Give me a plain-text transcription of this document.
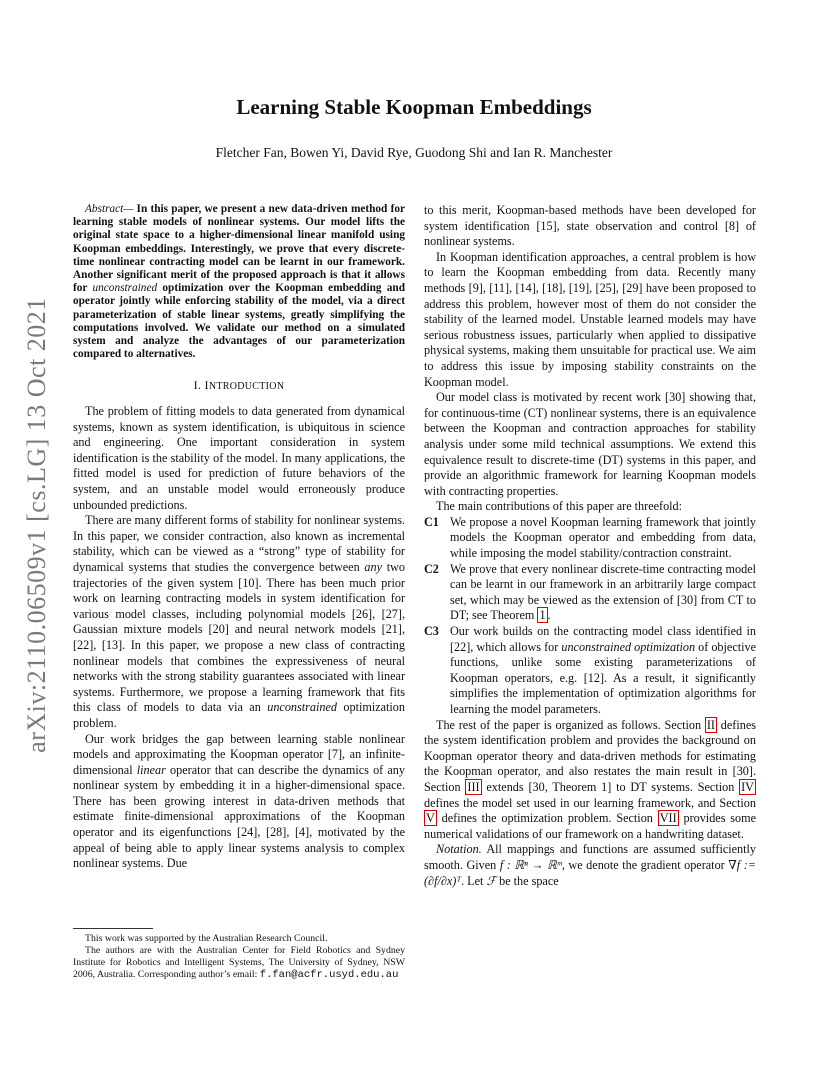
arXiv:2110.06509v1 [cs.LG] 13 Oct 2021
Learning Stable Koopman Embeddings
Fletcher Fan, Bowen Yi, David Rye, Guodong Shi and Ian R. Manchester

Abstract— In this paper, we present a new data-driven method for learning stable models of nonlinear systems. Our model lifts the original state space to a higher-dimensional linear manifold using Koopman embeddings. Interestingly, we prove that every discrete-time nonlinear contracting model can be learnt in our framework. Another significant merit of the proposed approach is that it allows for unconstrained optimization over the Koopman embedding and operator jointly while enforcing stability of the model, via a direct parameterization of stable linear systems, greatly simplifying the computations involved. We validate our method on a simulated system and analyze the advantages of our parameterization compared to alternatives.

I. INTRODUCTION

The problem of fitting models to data generated from dynamical systems, known as system identification, is ubiquitous in science and engineering. One important consideration in system identification is the stability of the model. In many applications, the fitted model is used for prediction of future behaviors of the system, and an unstable model would erroneously produce unbounded predictions.

There are many different forms of stability for nonlinear systems. In this paper, we consider contraction, also known as incremental stability, which can be viewed as a “strong” type of stability for dynamical systems that studies the convergence between any two trajectories of the given system [10]. There has been much prior work on learning contracting models in system identification for various model classes, including polynomial models [26], [27], Gaussian mixture models [20] and neural network models [21], [22], [13]. In this paper, we propose a new class of contracting nonlinear models that combines the expressiveness of neural networks with the strong stability guarantees associated with linear systems. Furthermore, we propose a learning framework that fits this class of models to data via an unconstrained optimization problem.

Our work bridges the gap between learning stable nonlinear models and approximating the Koopman operator [7], an infinite-dimensional linear operator that can describe the dynamics of any nonlinear system by embedding it in a higher-dimensional space. There has been growing interest in data-driven methods that estimate finite-dimensional approximations of the Koopman operator and its eigenfunctions [24], [28], [4], motivated by the appeal of being able to apply linear systems analysis to complex nonlinear systems. Due

This work was supported by the Australian Research Council.

The authors are with the Australian Center for Field Robotics and Sydney Institute for Robotics and Intelligent Systems, The University of Sydney, NSW 2006, Australia. Corresponding author’s email: f.fan@acfr.usyd.edu.au

to this merit, Koopman-based methods have been developed for system identification [15], state observation and control [8] of nonlinear systems.

In Koopman identification approaches, a central problem is how to learn the Koopman embedding from data. Recently many methods [9], [11], [14], [18], [19], [25], [29] have been proposed to address this problem, however most of them do not consider the stability of the learned model. Unstable learned models may have serious robustness issues, particularly when applied to dissipative physical systems, making them unsuitable for practical use. We aim to address this issue by imposing stability constraints on the Koopman model.

Our model class is motivated by recent work [30] showing that, for continuous-time (CT) nonlinear systems, there is an equivalence between the Koopman and contraction approaches for stability analysis under some mild technical assumptions. We extend this equivalence result to discrete-time (DT) systems in this paper, and provide an algorithmic framework for learning Koopman models with contracting properties.

The main contributions of this paper are threefold:

C1 We propose a novel Koopman learning framework that jointly models the Koopman operator and embedding from data, while imposing the model stability/contraction constraint.
C2 We prove that every nonlinear discrete-time contracting model can be learnt in our framework in an arbitrarily large compact set, which may be viewed as the extension of [30] from CT to DT; see Theorem 1 .
C3 Our work builds on the contracting model class identified in [22], which allows for unconstrained optimization of objective functions, unlike some existing parameterizations of Koopman operators, e.g. [12]. As a result, it significantly simplifies the implementation of optimization algorithms for learning the model parameters.

The rest of the paper is organized as follows. Section II defines the system identification problem and provides the background on Koopman operator theory and data-driven methods for estimating the Koopman operator, and also restates the main result in [30]. Section III extends [30, Theorem 1] to DT systems. Section IV defines the model set used in our learning framework, and Section V defines the optimization problem. Section VII provides some numerical validations of our framework on a handwriting dataset.

Notation. All mappings and functions are assumed sufficiently smooth. Given f : ℝⁿ → ℝᵐ, we denote the gradient operator ∇f := (∂f/∂x)ᵀ. Let ℱ be the space
